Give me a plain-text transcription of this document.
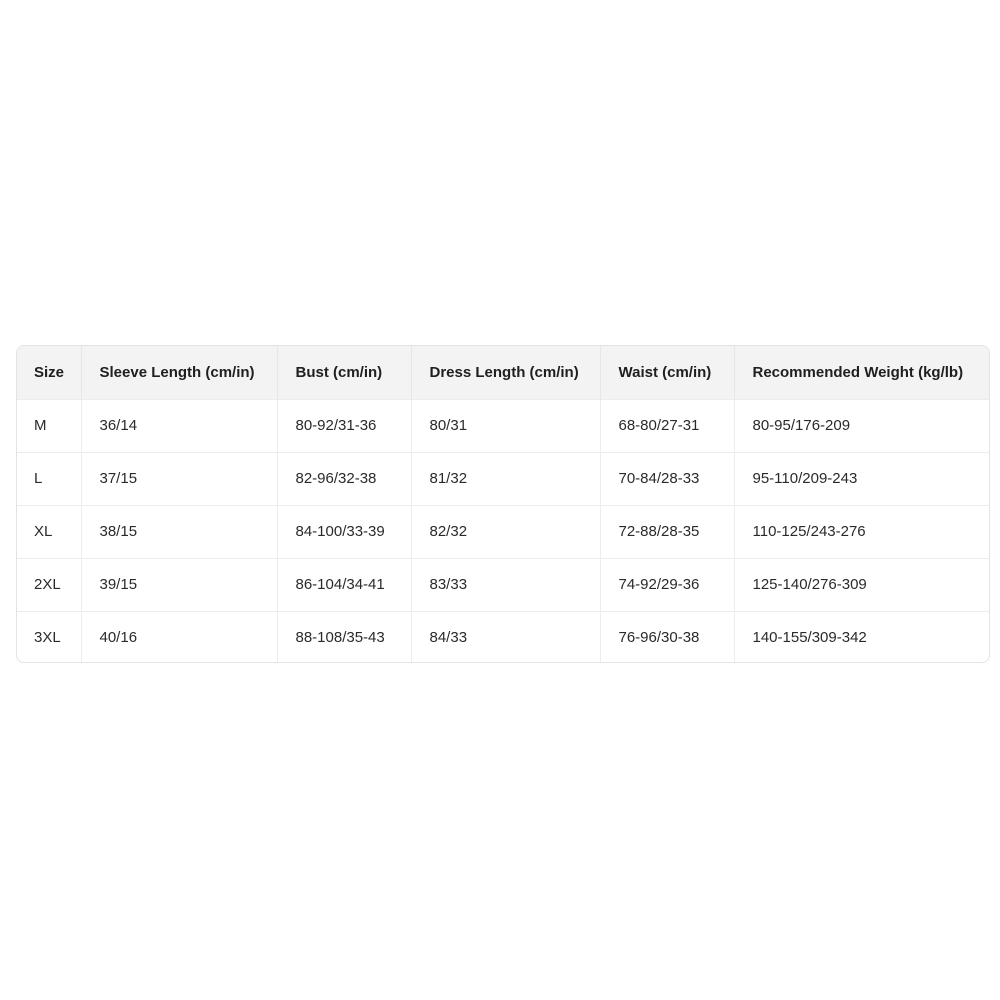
Size	Sleeve Length (cm/in)	Bust (cm/in)	Dress Length (cm/in)	Waist (cm/in)	Recommended Weight (kg/lb)
M	36/14	80-92/31-36	80/31	68-80/27-31	80-95/176-209
L	37/15	82-96/32-38	81/32	70-84/28-33	95-110/209-243
XL	38/15	84-100/33-39	82/32	72-88/28-35	110-125/243-276
2XL	39/15	86-104/34-41	83/33	74-92/29-36	125-140/276-309
3XL	40/16	88-108/35-43	84/33	76-96/30-38	140-155/309-342
